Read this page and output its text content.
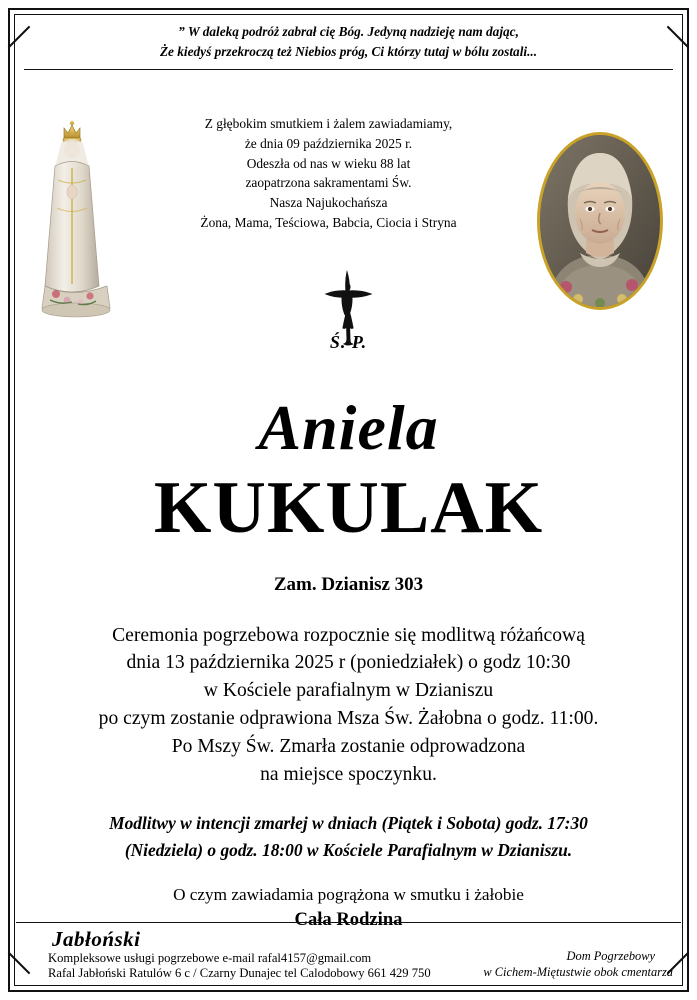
” W daleką podróż zabrał cię Bóg. Jedyną nadzieję nam dając,
Że kiedyś przekroczą też Niebios próg, Ci którzy tutaj w bólu zostali...
Z głębokim smutkiem i żalem zawiadamiamy,
że dnia 09 października 2025 r.
Odeszła od nas w wieku 88 lat
zaopatrzona sakramentami Św.
Nasza Najukochańsza
Żona, Mama, Teściowa, Babcia, Ciocia i Stryna
Ś. P.
Aniela
KUKULAK
Zam. Dzianisz 303
Ceremonia pogrzebowa rozpocznie się modlitwą różańcową
dnia 13 października 2025 r (poniedziałek) o godz 10:30
w Kościele parafialnym w Dzianiszu
po czym zostanie odprawiona Msza Św. Żałobna o godz. 11:00.
Po Mszy Św. Zmarła zostanie odprowadzona
na miejsce spoczynku.
Modlitwy w intencji zmarłej w dniach (Piątek i Sobota) godz. 17:30
(Niedziela) o godz. 18:00 w Kościele Parafialnym w Dzianiszu.
O czym zawiadamia pogrążona w smutku i żałobie
Cała Rodzina
Jabłoński
Kompleksowe usługi pogrzebowe e-mail rafal4157@gmail.com
Rafal Jabłoński Ratulów 6 c / Czarny Dunajec tel Calodobowy 661 429 750
Dom Pogrzebowy
w Cichem-Miętustwie obok cmentarza
